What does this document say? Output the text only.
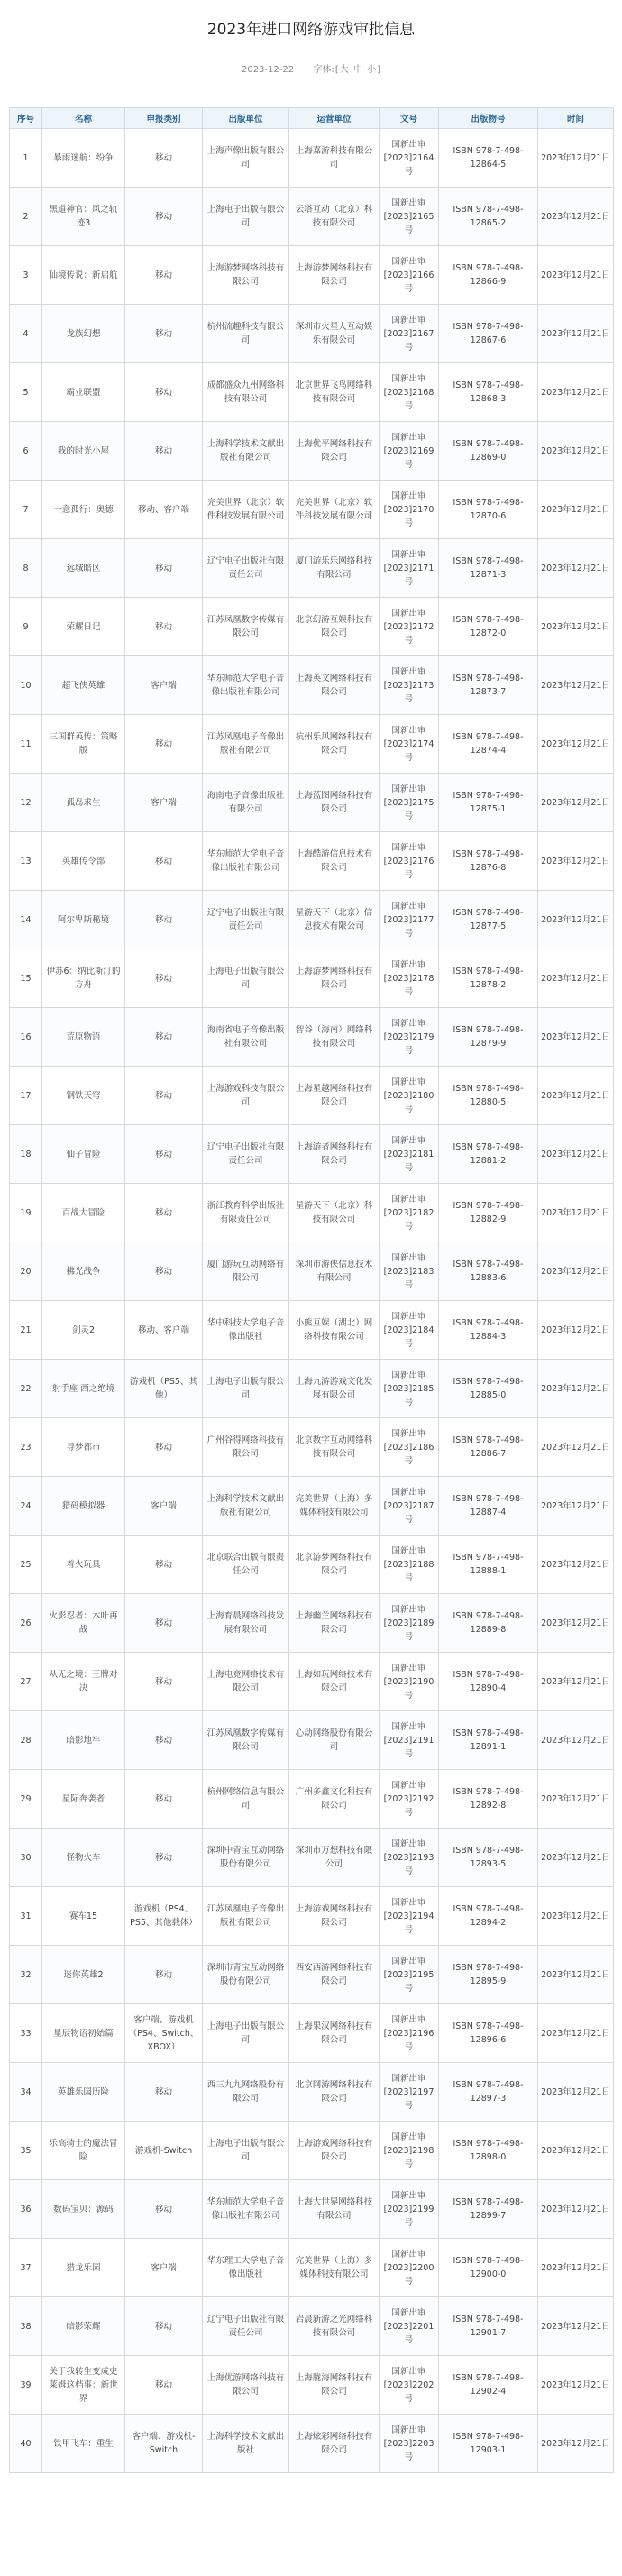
2023年进口网络游戏审批信息
2023-12-22 字体:[大 中 小]
序号	名称	申报类别	出版单位	运营单位	文号	出版物号	时间
1	暴雨迷航：纷争	移动	上海声像出版有限公司	上海嘉游科技有限公司	国新出审[2023]2164号	ISBN 978-7-498-12864-5	2023年12月21日
2	黑道神官：风之轨迹3	移动	上海电子出版有限公司	云塔互动（北京）科技有限公司	国新出审[2023]2165号	ISBN 978-7-498-12865-2	2023年12月21日
3	仙境传说：新启航	移动	上海游梦网络科技有限公司	上海游梦网络科技有限公司	国新出审[2023]2166号	ISBN 978-7-498-12866-9	2023年12月21日
4	龙族幻想	移动	杭州流趣科技有限公司	深圳市火星人互动娱乐有限公司	国新出审[2023]2167号	ISBN 978-7-498-12867-6	2023年12月21日
5	霸业联盟	移动	成都盛众九州网络科技有限公司	北京世界飞鸟网络科技有限公司	国新出审[2023]2168号	ISBN 978-7-498-12868-3	2023年12月21日
6	我的时光小屋	移动	上海科学技术文献出版社有限公司	上海优平网络科技有限公司	国新出审[2023]2169号	ISBN 978-7-498-12869-0	2023年12月21日
7	一意孤行：奥德	移动、客户端	完美世界（北京）软件科技发展有限公司	完美世界（北京）软件科技发展有限公司	国新出审[2023]2170号	ISBN 978-7-498-12870-6	2023年12月21日
8	远城暗区	移动	辽宁电子出版社有限责任公司	厦门游乐乐网络科技有限公司	国新出审[2023]2171号	ISBN 978-7-498-12871-3	2023年12月21日
9	荣耀日记	移动	江苏凤凰数字传媒有限公司	北京幻游互娱科技有限公司	国新出审[2023]2172号	ISBN 978-7-498-12872-0	2023年12月21日
10	超飞侠英雄	客户端	华东师范大学电子音像出版社有限公司	上海英文网络科技有限公司	国新出审[2023]2173号	ISBN 978-7-498-12873-7	2023年12月21日
11	三国群英传：策略版	移动	江苏凤凰电子音像出版社有限公司	杭州乐风网络科技有限公司	国新出审[2023]2174号	ISBN 978-7-498-12874-4	2023年12月21日
12	孤岛求生	客户端	海南电子音像出版社有限公司	上海蓝图网络科技有限公司	国新出审[2023]2175号	ISBN 978-7-498-12875-1	2023年12月21日
13	英雄传令部	移动	华东师范大学电子音像出版社有限公司	上海酷游信息技术有限公司	国新出审[2023]2176号	ISBN 978-7-498-12876-8	2023年12月21日
14	阿尔卑斯秘境	移动	辽宁电子出版社有限责任公司	星游天下（北京）信息技术有限公司	国新出审[2023]2177号	ISBN 978-7-498-12877-5	2023年12月21日
15	伊苏6：纳比斯汀的方舟	移动	上海电子出版有限公司	上海游梦网络科技有限公司	国新出审[2023]2178号	ISBN 978-7-498-12878-2	2023年12月21日
16	荒原物语	移动	海南省电子音像出版社有限公司	智谷（海南）网络科技有限公司	国新出审[2023]2179号	ISBN 978-7-498-12879-9	2023年12月21日
17	钢铁天穹	移动	上海游戏科技有限公司	上海星越网络科技有限公司	国新出审[2023]2180号	ISBN 978-7-498-12880-5	2023年12月21日
18	仙子冒险	移动	辽宁电子出版社有限责任公司	上海游者网络科技有限公司	国新出审[2023]2181号	ISBN 978-7-498-12881-2	2023年12月21日
19	百战大冒险	移动	浙江教育科学出版社有限责任公司	星游天下（北京）科技有限公司	国新出审[2023]2182号	ISBN 978-7-498-12882-9	2023年12月21日
20	拂光战争	移动	厦门游玩互动网络有限公司	深圳市游侠信息技术有限公司	国新出审[2023]2183号	ISBN 978-7-498-12883-6	2023年12月21日
21	剑灵2	移动、客户端	华中科技大学电子音像出版社	小熊互娱（湖北）网络科技有限公司	国新出审[2023]2184号	ISBN 978-7-498-12884-3	2023年12月21日
22	射手座 西之绝境	游戏机（PS5、其他）	上海电子出版有限公司	上海九游游戏文化发展有限公司	国新出审[2023]2185号	ISBN 978-7-498-12885-0	2023年12月21日
23	寻梦都市	移动	广州谷得网络科技有限公司	北京数字互动网络科技有限公司	国新出审[2023]2186号	ISBN 978-7-498-12886-7	2023年12月21日
24	猎码模拟器	客户端	上海科学技术文献出版社有限公司	完美世界（上海）多媒体科技有限公司	国新出审[2023]2187号	ISBN 978-7-498-12887-4	2023年12月21日
25	着火玩具	移动	北京联合出版有限责任公司	北京游梦网络科技有限公司	国新出审[2023]2188号	ISBN 978-7-498-12888-1	2023年12月21日
26	火影忍者：木叶再战	移动	上海育晨网络科技发展有限公司	上海幽兰网络科技有限公司	国新出审[2023]2189号	ISBN 978-7-498-12889-8	2023年12月21日
27	从无之境：王牌对决	移动	上海电竞网络技术有限公司	上海如玩网络技术有限公司	国新出审[2023]2190号	ISBN 978-7-498-12890-4	2023年12月21日
28	暗影地牢	移动	江苏凤凰数字传媒有限公司	心动网络股份有限公司	国新出审[2023]2191号	ISBN 978-7-498-12891-1	2023年12月21日
29	星际奔袭者	移动	杭州网络信息有限公司	广州多鑫文化科技有限公司	国新出审[2023]2192号	ISBN 978-7-498-12892-8	2023年12月21日
30	怪物火车	移动	深圳中青宝互动网络股份有限公司	深圳市万想科技有限公司	国新出审[2023]2193号	ISBN 978-7-498-12893-5	2023年12月21日
31	赛车15	游戏机（PS4、PS5、其他载体）	江苏凤凰电子音像出版社有限公司	上海游戏网络科技有限公司	国新出审[2023]2194号	ISBN 978-7-498-12894-2	2023年12月21日
32	迷你英雄2	移动	深圳市青宝互动网络股份有限公司	西安西游网络科技有限公司	国新出审[2023]2195号	ISBN 978-7-498-12895-9	2023年12月21日
33	星辰物语初始篇	客户端、游戏机（PS4、Switch、XBOX）	上海电子出版有限公司	上海果汉网络科技有限公司	国新出审[2023]2196号	ISBN 978-7-498-12896-6	2023年12月21日
34	英雄乐园历险	移动	西三九九网络股份有限公司	北京网游网络科技有限公司	国新出审[2023]2197号	ISBN 978-7-498-12897-3	2023年12月21日
35	乐高骑士的魔法冒险	游戏机-Switch	上海电子出版有限公司	上海游戏网络科技有限公司	国新出审[2023]2198号	ISBN 978-7-498-12898-0	2023年12月21日
36	数码宝贝：源码	移动	华东师范大学电子音像出版社有限公司	上海大世界网络科技有限公司	国新出审[2023]2199号	ISBN 978-7-498-12899-7	2023年12月21日
37	猎龙乐园	客户端	华东理工大学电子音像出版社	完美世界（上海）多媒体科技有限公司	国新出审[2023]2200号	ISBN 978-7-498-12900-0	2023年12月21日
38	暗影荣耀	移动	辽宁电子出版社有限责任公司	岩晨新游之光网络科技有限公司	国新出审[2023]2201号	ISBN 978-7-498-12901-7	2023年12月21日
39	关于我转生变成史莱姆这档事：新世界	移动	上海优游网络科技有限公司	上海胧海网络科技有限公司	国新出审[2023]2202号	ISBN 978-7-498-12902-4	2023年12月21日
40	铁甲飞车：重生	客户端、游戏机-Switch	上海科学技术文献出版社	上海炫彩网络科技有限公司	国新出审[2023]2203号	ISBN 978-7-498-12903-1	2023年12月21日
